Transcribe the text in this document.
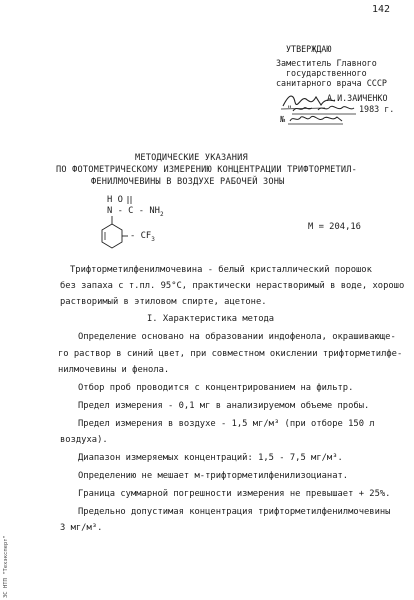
142
УТВЕРЖДАЮ
Заместитель Главного
государственного
санитарного врача СССР
А.И.ЗАИЧЕНКО
"	1983 г.
№
МЕТОДИЧЕСКИЕ УКАЗАНИЯ
ПО ФОТОМЕТРИЧЕСКОМУ ИЗМЕРЕНИЮ КОНЦЕНТРАЦИИ ТРИФТОРМЕТИЛ-
ФЕНИЛМОЧЕВИНЫ В ВОЗДУХЕ РАБОЧЕЙ ЗОНЫ
H O
N - C - $NH_2$
- $CF_3$
М = 204,16
Трифторметилфенилмочевина - белый кристаллический порошок
без запаха с т.пл. 95°C, практически нерастворимый в воде, хорошо
растворимый в этиловом спирте, ацетоне.
I. Характеристика метода
Определение основано на образовании индофенола, окрашивающе-
го раствор в синий цвет, при совместном окислении трифторметилфе-
нилмочевины и фенола.
Отбор проб проводится с концентрированием на фильтр.
Предел измерения - 0,1 мг в анализируемом объеме пробы.
Предел измерения в воздухе - 1,5 мг/м³ (при отборе 150 л
воздуха).
Диапазон измеряемых концентраций: 1,5 - 7,5 мг/м³.
Определению не мешает м-трифторметилфенилизоцианат.
Граница суммарной погрешности измерения не превышает + 25%.
Предельно допустимая концентрация трифторметилфенилмочевины
3 мг/м³.
ЗС НТП "Техэксперт"
